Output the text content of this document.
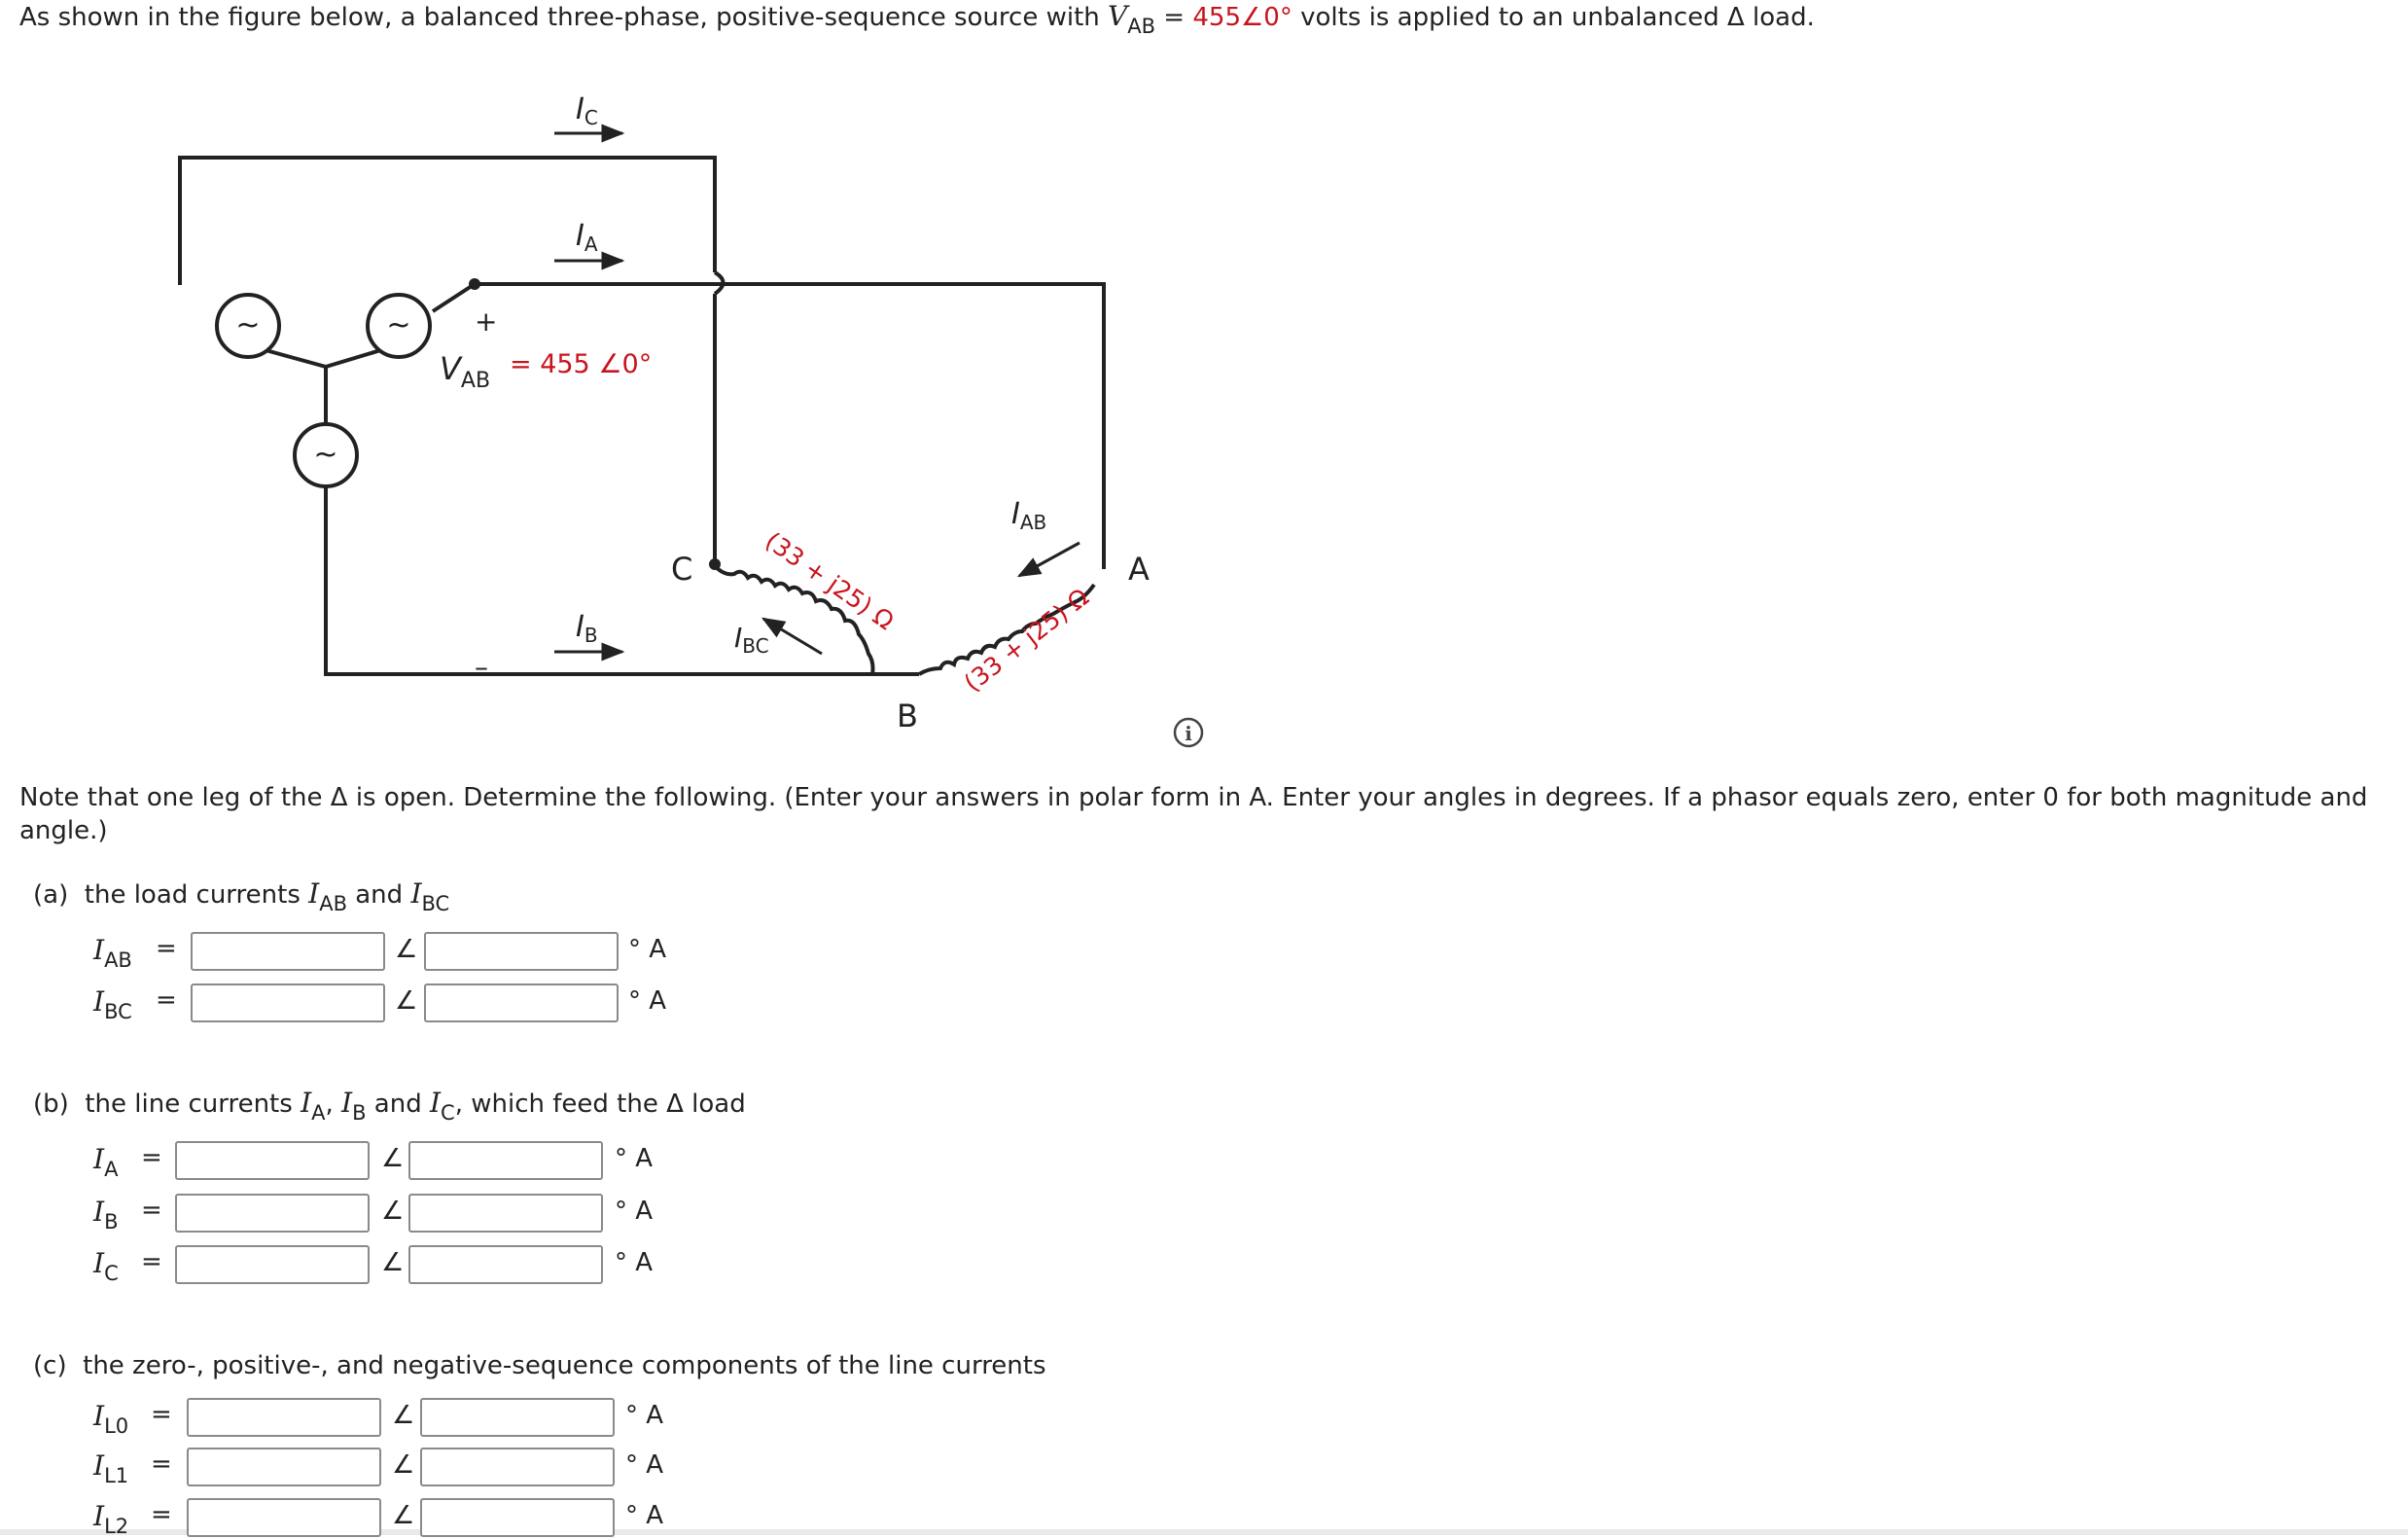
As shown in the figure below, a balanced three-phase, positive-sequence source with $V_{AB}$ = 455∠0° volts is applied to an unbalanced Δ load.
~	~
~
$I_C$
$I_A$
$I_B$	$I_{BC}$
$I_{AB}$
+
–
$V_{AB}$
= 455 ∠0°
C
B
A
(33 + j25) Ω
(33 + j25) Ω
i
Note that one leg of the Δ is open. Determine the following. (Enter your answers in polar form in A. Enter your angles in degrees. If a phasor equals zero, enter 0 for both magnitude and
angle.)
(a) the load currents $I_{AB}$ and $I_{BC}$
(b) the line currents $I_A$, $I_B$ and $I_C$, which feed the Δ load
(c) the zero-, positive-, and negative-sequence components of the line currents
$I_{AB}$ =	∠	° A
$I_{BC}$ =	∠	° A
$I_A$ =	∠	° A
$I_B$ =	∠	° A
$I_C$ =	∠	° A
$I_{L0}$ =	∠	° A
$I_{L1}$ =	∠	° A
$I_{L2}$ =	∠	° A
